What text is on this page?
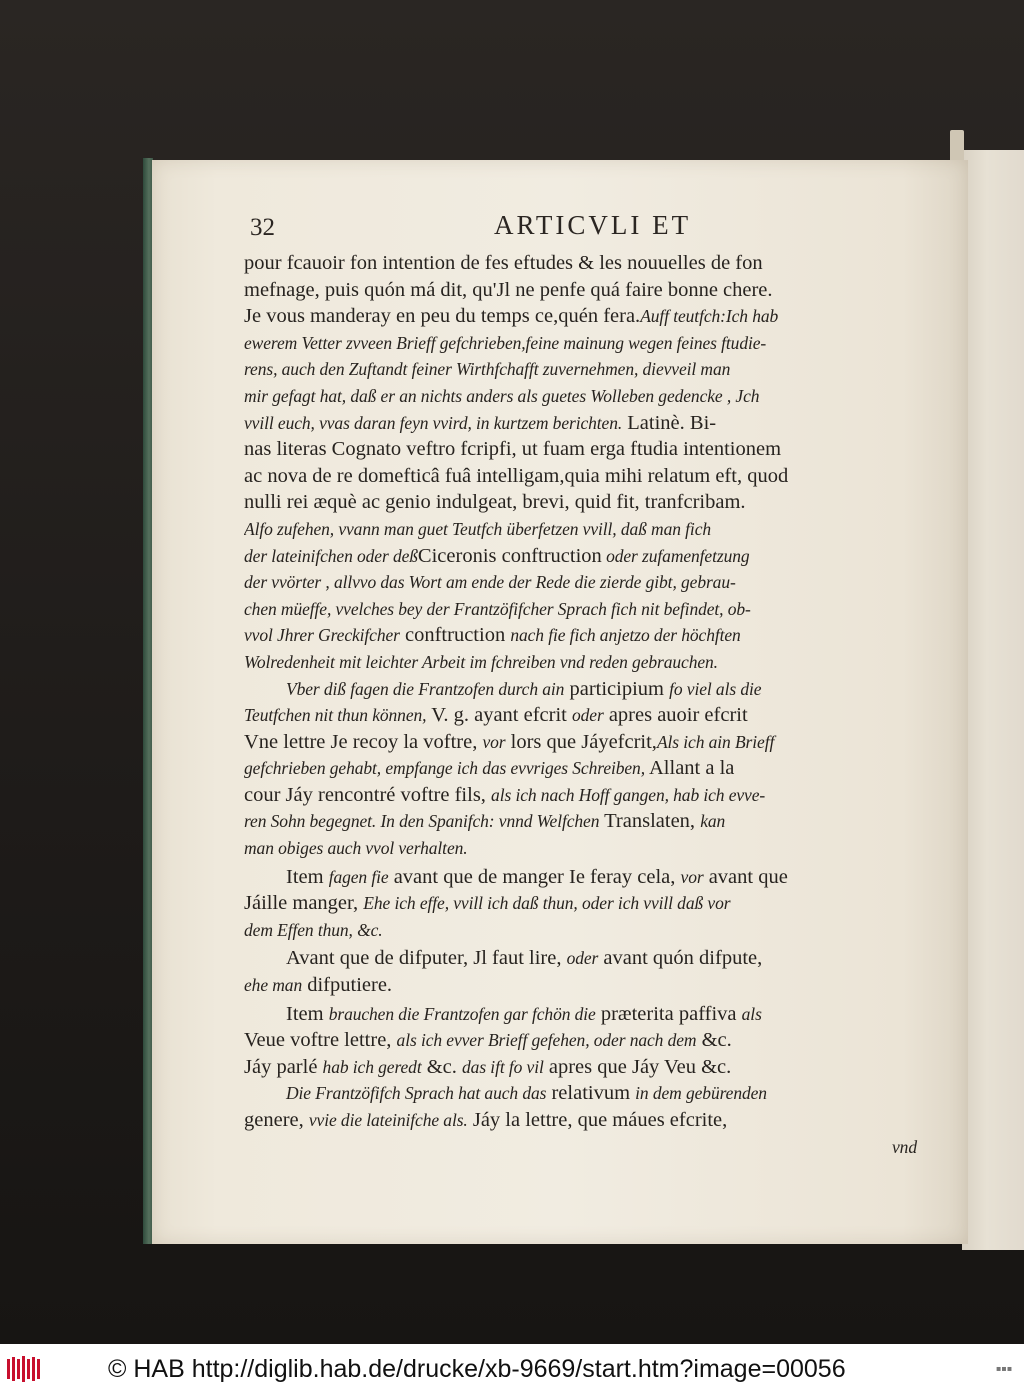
32	ARTICVLI ET
pour fcauoir fon intention de fes eftudes & les nouuelles de fon
mefnage, puis quón má dit, qu'Jl ne penfe quá faire bonne chere.
Je vous manderay en peu du temps ce,quén fera.Auff teutfch:Ich hab
ewerem Vetter zvveen Brieff gefchrieben,feine mainung wegen feines ftudie-
rens, auch den Zuftandt feiner Wirthfchafft zuvernehmen, dievveil man
mir gefagt hat, daß er an nichts anders als guetes Wolleben gedencke , Jch
vvill euch, vvas daran feyn vvird, in kurtzem berichten. Latinè. Bi-
nas literas Cognato veftro fcripfi, ut fuam erga ftudia intentionem
ac nova de re domefticâ fuâ intelligam,quia mihi relatum eft, quod
nulli rei æquè ac genio indulgeat, brevi, quid fit, tranfcribam.
Alfo zufehen, vvann man guet Teutfch überfetzen vvill, daß man fich
der lateinifchen oder deßCiceronis conftruction oder zufamenfetzung
der vvörter , allvvo das Wort am ende der Rede die zierde gibt, gebrau-
chen müeffe, vvelches bey der Frantzöfifcher Sprach fich nit befindet, ob-
vvol Jhrer Greckifcher conftruction nach fie fich anjetzo der höchften
Wolredenheit mit leichter Arbeit im fchreiben vnd reden gebrauchen.
Vber diß fagen die Frantzofen durch ain participium fo viel als die
Teutfchen nit thun können, V. g. ayant efcrit oder apres auoir efcrit
Vne lettre Je recoy la voftre, vor lors que Jáyefcrit,Als ich ain Brieff
gefchrieben gehabt, empfange ich das evvriges Schreiben, Allant a la
cour Jáy rencontré voftre fils, als ich nach Hoff gangen, hab ich evve-
ren Sohn begegnet. In den Spanifch: vnnd Welfchen Translaten, kan
man obiges auch vvol verhalten.
Item fagen fie avant que de manger Ie feray cela, vor avant que
Jáille manger, Ehe ich effe, vvill ich daß thun, oder ich vvill daß vor
dem Effen thun, &c.
Avant que de difputer, Jl faut lire, oder avant quón difpute,
ehe man difputiere.
Item brauchen die Frantzofen gar fchön die præterita paffiva als
Veue voftre lettre, als ich evver Brieff gefehen, oder nach dem &c.
Jáy parlé hab ich geredt &c. das ift fo vil apres que Jáy Veu &c.
Die Frantzöfifch Sprach hat auch das relativum in dem gebürenden
genere, vvie die lateinifche als. Jáy la lettre, que máues efcrite,
vnd
© HAB http://diglib.hab.de/drucke/xb-9669/start.htm?image=00056	▪▪▪
